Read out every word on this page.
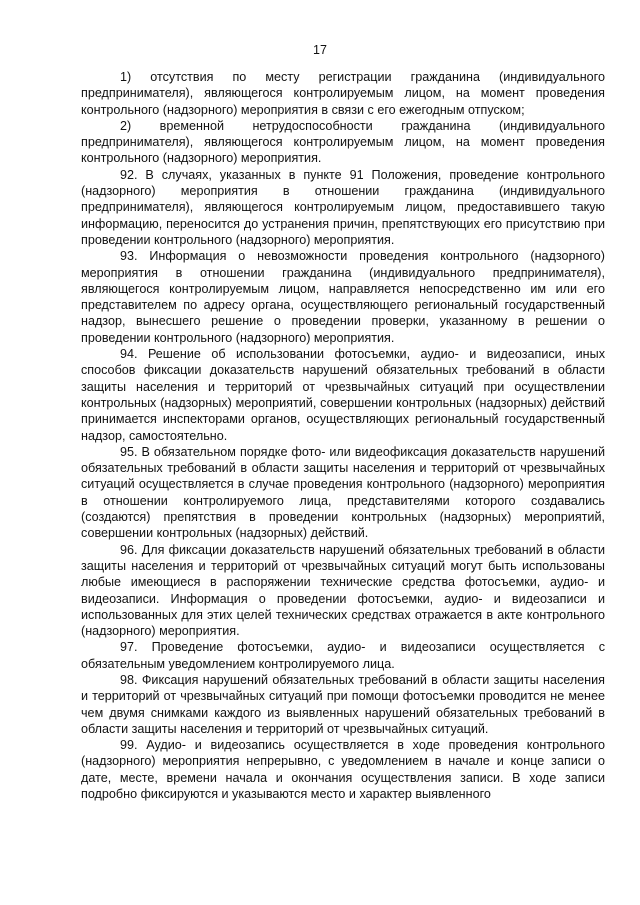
17

1) отсутствия по месту регистрации гражданина (индивидуального предпринимателя), являющегося контролируемым лицом, на момент проведения контрольного (надзорного) мероприятия в связи с его ежегодным отпуском;

2) временной нетрудоспособности гражданина (индивидуального предпринимателя), являющегося контролируемым лицом, на момент проведения контрольного (надзорного) мероприятия.

92. В случаях, указанных в пункте 91 Положения, проведение контрольного (надзорного) мероприятия в отношении гражданина (индивидуального предпринимателя), являющегося контролируемым лицом, предоставившего такую информацию, переносится до устранения причин, препятствующих его присутствию при проведении контрольного (надзорного) мероприятия.

93. Информация о невозможности проведения контрольного (надзорного) мероприятия в отношении гражданина (индивидуального предпринимателя), являющегося контролируемым лицом, направляется непосредственно им или его представителем по адресу органа, осуществляющего региональный государственный надзор, вынесшего решение о проведении проверки, указанному в решении о проведении контрольного (надзорного) мероприятия.

94. Решение об использовании фотосъемки, аудио- и видеозаписи, иных способов фиксации доказательств нарушений обязательных требований в области защиты населения и территорий от чрезвычайных ситуаций при осуществлении контрольных (надзорных) мероприятий, совершении контрольных (надзорных) действий принимается инспекторами органов, осуществляющих региональный государственный надзор, самостоятельно.

95. В обязательном порядке фото- или видеофиксация доказательств нарушений обязательных требований в области защиты населения и территорий от чрезвычайных ситуаций осуществляется в случае проведения контрольного (надзорного) мероприятия в отношении контролируемого лица, представителями которого создавались (создаются) препятствия в проведении контрольных (надзорных) мероприятий, совершении контрольных (надзорных) действий.

96. Для фиксации доказательств нарушений обязательных требований в области защиты населения и территорий от чрезвычайных ситуаций могут быть использованы любые имеющиеся в распоряжении технические средства фотосъемки, аудио- и видеозаписи. Информация о проведении фотосъемки, аудио- и видеозаписи и использованных для этих целей технических средствах отражается в акте контрольного (надзорного) мероприятия.

97. Проведение фотосъемки, аудио- и видеозаписи осуществляется с обязательным уведомлением контролируемого лица.

98. Фиксация нарушений обязательных требований в области защиты населения и территорий от чрезвычайных ситуаций при помощи фотосъемки проводится не менее чем двумя снимками каждого из выявленных нарушений обязательных требований в области защиты населения и территорий от чрезвычайных ситуаций.

99. Аудио- и видеозапись осуществляется в ходе проведения контрольного (надзорного) мероприятия непрерывно, с уведомлением в начале и конце записи о дате, месте, времени начала и окончания осуществления записи. В ходе записи подробно фиксируются и указываются место и характер выявленного
